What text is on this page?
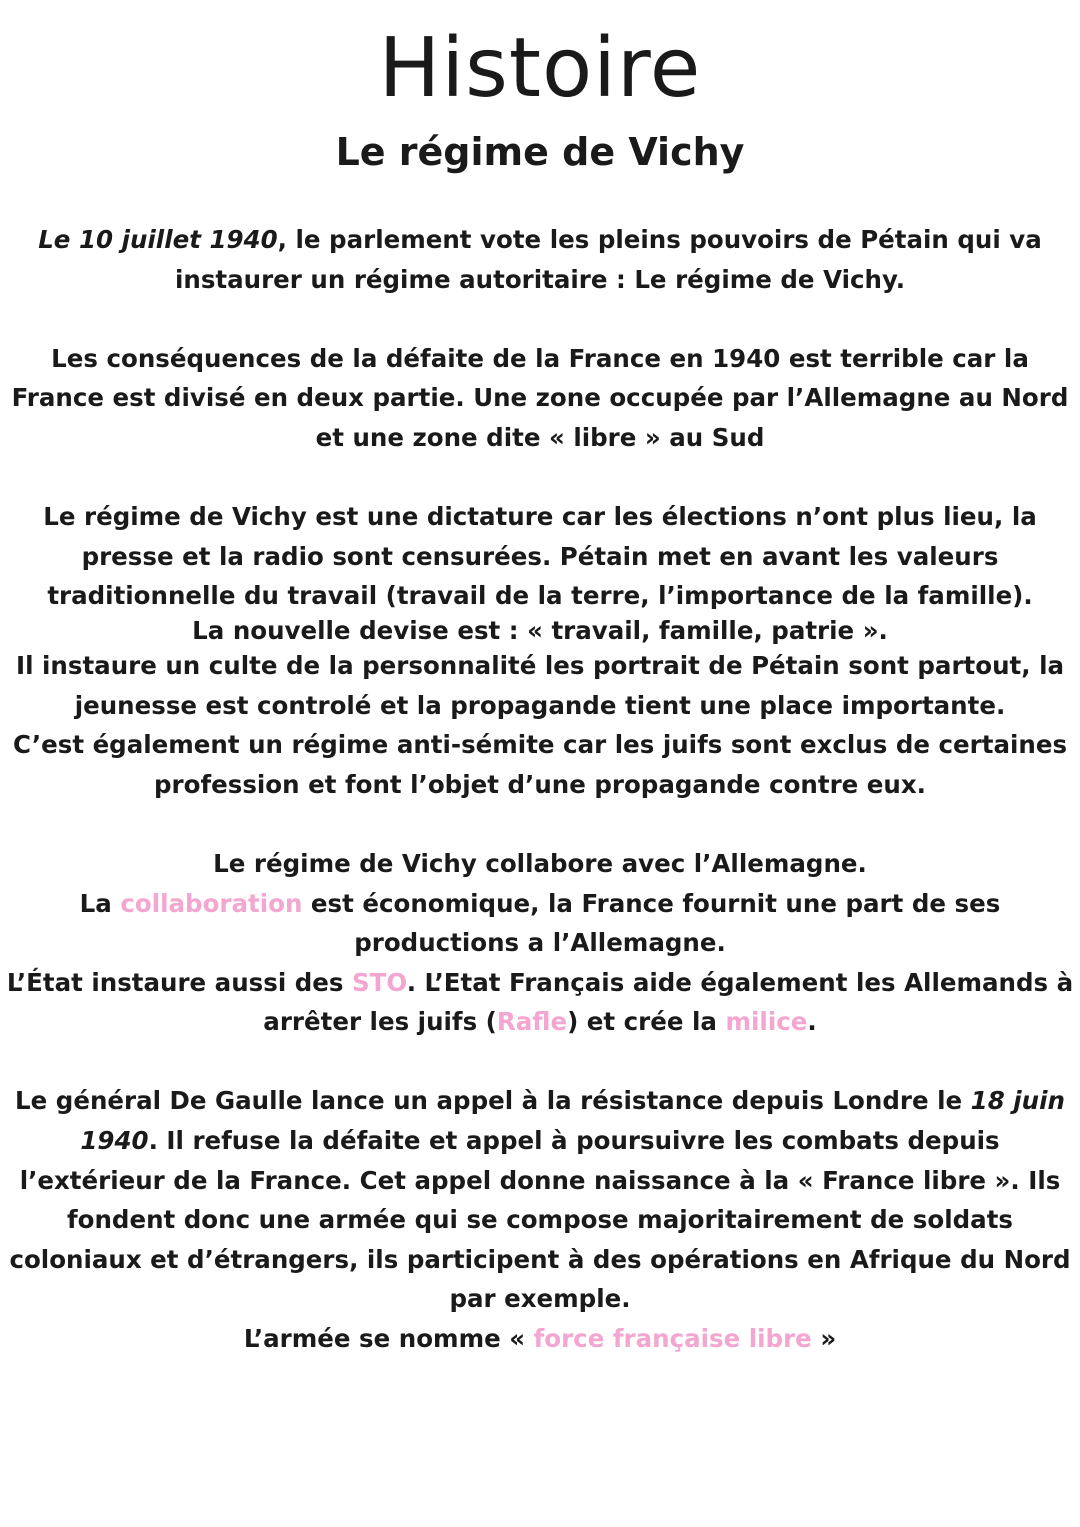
Histoire
Le régime de Vichy

Le 10 juillet 1940, le parlement vote les pleins pouvoirs de Pétain qui va instaurer un régime autoritaire : Le régime de Vichy.

Les conséquences de la défaite de la France en 1940 est terrible car la France est divisé en deux partie. Une zone occupée par l’Allemagne au Nord et une zone dite « libre » au Sud

Le régime de Vichy est une dictature car les élections n’ont plus lieu, la presse et la radio sont censurées. Pétain met en avant les valeurs traditionnelle du travail (travail de la terre, l’importance de la famille).

La nouvelle devise est : « travail, famille, patrie ».

Il instaure un culte de la personnalité les portrait de Pétain sont partout, la jeunesse est controlé et la propagande tient une place importante.

C’est également un régime anti-sémite car les juifs sont exclus de certaines profession et font l’objet d’une propagande contre eux.

Le régime de Vichy collabore avec l’Allemagne.

La collaboration est économique, la France fournit une part de ses productions a l’Allemagne.

L’État instaure aussi des STO. L’Etat Français aide également les Allemands à arrêter les juifs (Rafle) et crée la milice.

Le général De Gaulle lance un appel à la résistance depuis Londre le 18 juin 1940. Il refuse la défaite et appel à poursuivre les combats depuis l’extérieur de la France. Cet appel donne naissance à la « France libre ». Ils fondent donc une armée qui se compose majoritairement de soldats coloniaux et d’étrangers, ils participent à des opérations en Afrique du Nord par exemple.

L’armée se nomme « force française libre »
